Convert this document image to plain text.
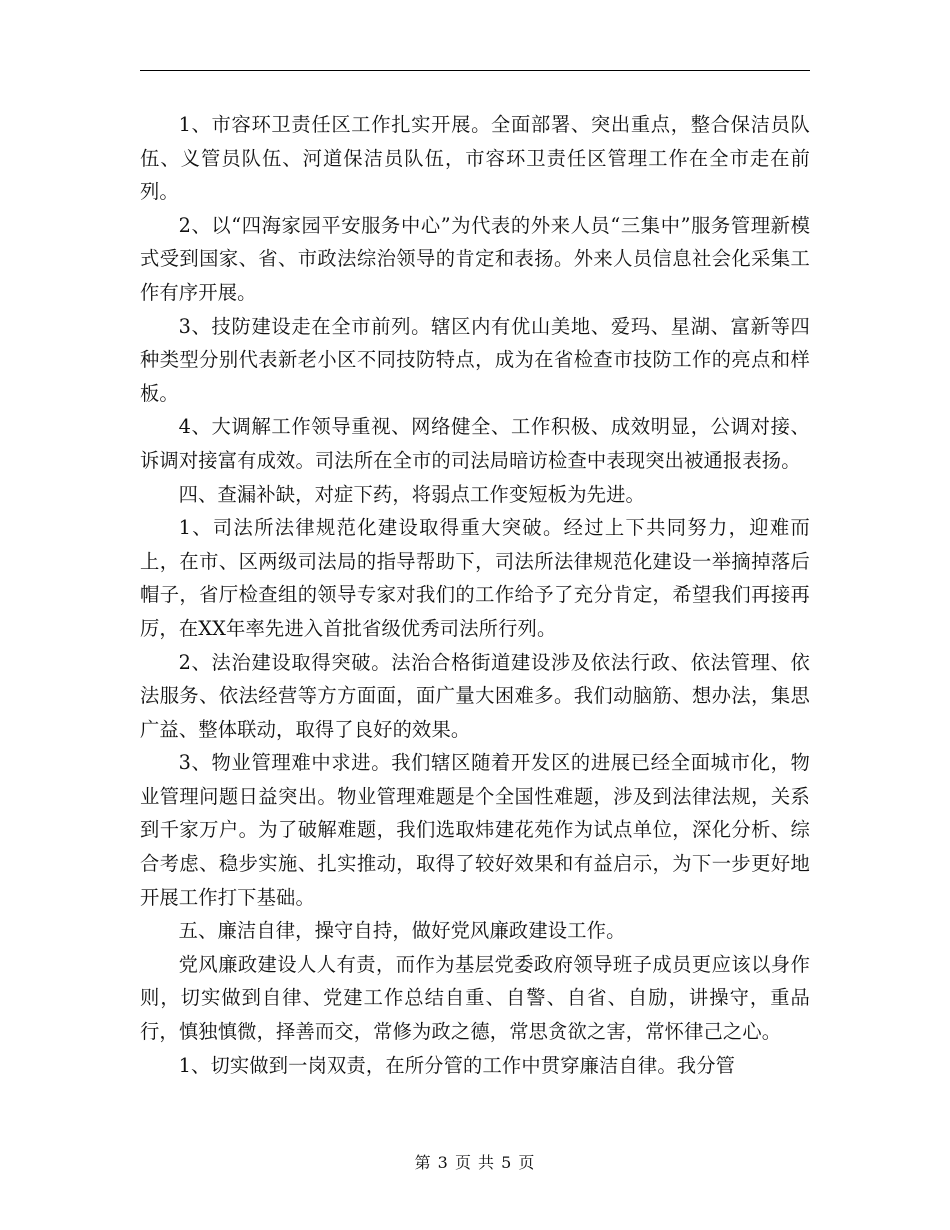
1、市容环卫责任区工作扎实开展。全面部署、突出重点，整合保洁员队伍、义管员队伍、河道保洁员队伍，市容环卫责任区管理工作在全市走在前列。

2、以“四海家园平安服务中心”为代表的外来人员“三集中”服务管理新模式受到国家、省、市政法综治领导的肯定和表扬。外来人员信息社会化采集工作有序开展。

3、技防建设走在全市前列。辖区内有优山美地、爱玛、星湖、富新等四种类型分别代表新老小区不同技防特点，成为在省检查市技防工作的亮点和样板。

4、大调解工作领导重视、网络健全、工作积极、成效明显，公调对接、诉调对接富有成效。司法所在全市的司法局暗访检查中表现突出被通报表扬。

四、查漏补缺，对症下药，将弱点工作变短板为先进。

1、司法所法律规范化建设取得重大突破。经过上下共同努力，迎难而上，在市、区两级司法局的指导帮助下，司法所法律规范化建设一举摘掉落后帽子，省厅检查组的领导专家对我们的工作给予了充分肯定，希望我们再接再厉，在XX年率先进入首批省级优秀司法所行列。

2、法治建设取得突破。法治合格街道建设涉及依法行政、依法管理、依法服务、依法经营等方方面面，面广量大困难多。我们动脑筋、想办法，集思广益、整体联动，取得了良好的效果。

3、物业管理难中求进。我们辖区随着开发区的进展已经全面城市化，物业管理问题日益突出。物业管理难题是个全国性难题，涉及到法律法规，关系到千家万户。为了破解难题，我们选取炜建花苑作为试点单位，深化分析、综合考虑、稳步实施、扎实推动，取得了较好效果和有益启示，为下一步更好地开展工作打下基础。

五、廉洁自律，操守自持，做好党风廉政建设工作。

党风廉政建设人人有责，而作为基层党委政府领导班子成员更应该以身作则，切实做到自律、党建工作总结自重、自警、自省、自励，讲操守，重品行，慎独慎微，择善而交，常修为政之德，常思贪欲之害，常怀律己之心。

1、切实做到一岗双责，在所分管的工作中贯穿廉洁自律。我分管

第 3 页 共 5 页
